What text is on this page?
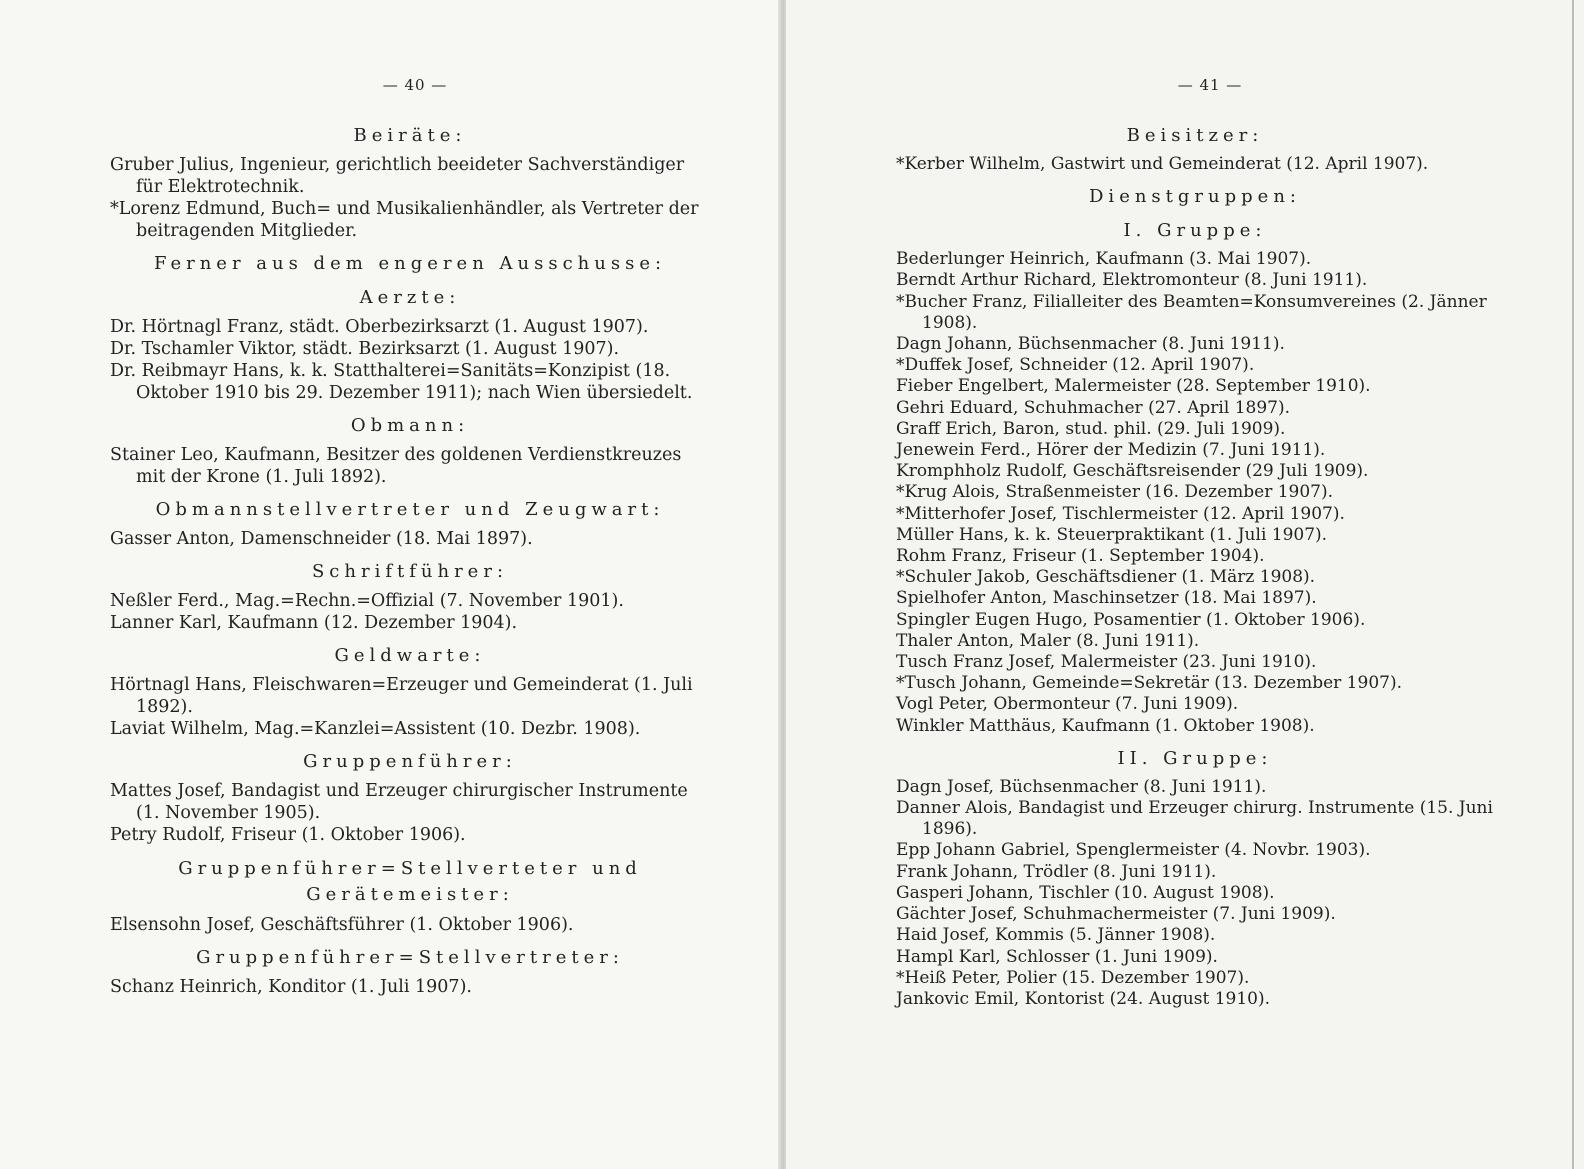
— 40 —
Beiräte:

Gruber Julius, Ingenieur, gerichtlich beeideter Sachverständiger für Elektrotechnik.

*Lorenz Edmund, Buch= und Musikalienhändler, als Vertreter der beitragenden Mitglieder.

Ferner aus dem engeren Ausschusse:
Aerzte:

Dr. Hörtnagl Franz, städt. Oberbezirksarzt (1. August 1907).

Dr. Tschamler Viktor, städt. Bezirksarzt (1. August 1907).

Dr. Reibmayr Hans, k. k. Statthalterei=Sanitäts=Konzipist (18. Oktober 1910 bis 29. Dezember 1911); nach Wien übersiedelt.

Obmann:

Stainer Leo, Kaufmann, Besitzer des goldenen Verdienstkreuzes mit der Krone (1. Juli 1892).

Obmannstellvertreter und Zeugwart:

Gasser Anton, Damenschneider (18. Mai 1897).

Schriftführer:

Neßler Ferd., Mag.=Rechn.=Offizial (7. November 1901).

Lanner Karl, Kaufmann (12. Dezember 1904).

Geldwarte:

Hörtnagl Hans, Fleischwaren=Erzeuger und Gemeinderat (1. Juli 1892).

Laviat Wilhelm, Mag.=Kanzlei=Assistent (10. Dezbr. 1908).

Gruppenführer:

Mattes Josef, Bandagist und Erzeuger chirurgischer Instrumente (1. November 1905).

Petry Rudolf, Friseur (1. Oktober 1906).

Gruppenführer=Stellverteter und Gerätemeister:

Elsensohn Josef, Geschäftsführer (1. Oktober 1906).

Gruppenführer=Stellvertreter:

Schanz Heinrich, Konditor (1. Juli 1907).

— 41 —
Beisitzer:

*Kerber Wilhelm, Gastwirt und Gemeinderat (12. April 1907).

Dienstgruppen:
I. Gruppe:

Bederlunger Heinrich, Kaufmann (3. Mai 1907).

Berndt Arthur Richard, Elektromonteur (8. Juni 1911).

*Bucher Franz, Filialleiter des Beamten=Konsumvereines (2. Jänner 1908).

Dagn Johann, Büchsenmacher (8. Juni 1911).

*Duffek Josef, Schneider (12. April 1907).

Fieber Engelbert, Malermeister (28. September 1910).

Gehri Eduard, Schuhmacher (27. April 1897).

Graff Erich, Baron, stud. phil. (29. Juli 1909).

Jenewein Ferd., Hörer der Medizin (7. Juni 1911).

Kromphholz Rudolf, Geschäftsreisender (29 Juli 1909).

*Krug Alois, Straßenmeister (16. Dezember 1907).

*Mitterhofer Josef, Tischlermeister (12. April 1907).

Müller Hans, k. k. Steuerpraktikant (1. Juli 1907).

Rohm Franz, Friseur (1. September 1904).

*Schuler Jakob, Geschäftsdiener (1. März 1908).

Spielhofer Anton, Maschinsetzer (18. Mai 1897).

Spingler Eugen Hugo, Posamentier (1. Oktober 1906).

Thaler Anton, Maler (8. Juni 1911).

Tusch Franz Josef, Malermeister (23. Juni 1910).

*Tusch Johann, Gemeinde=Sekretär (13. Dezember 1907).

Vogl Peter, Obermonteur (7. Juni 1909).

Winkler Matthäus, Kaufmann (1. Oktober 1908).

II. Gruppe:

Dagn Josef, Büchsenmacher (8. Juni 1911).

Danner Alois, Bandagist und Erzeuger chirurg. Instrumente (15. Juni 1896).

Epp Johann Gabriel, Spenglermeister (4. Novbr. 1903).

Frank Johann, Trödler (8. Juni 1911).

Gasperi Johann, Tischler (10. August 1908).

Gächter Josef, Schuhmachermeister (7. Juni 1909).

Haid Josef, Kommis (5. Jänner 1908).

Hampl Karl, Schlosser (1. Juni 1909).

*Heiß Peter, Polier (15. Dezember 1907).

Jankovic Emil, Kontorist (24. August 1910).
